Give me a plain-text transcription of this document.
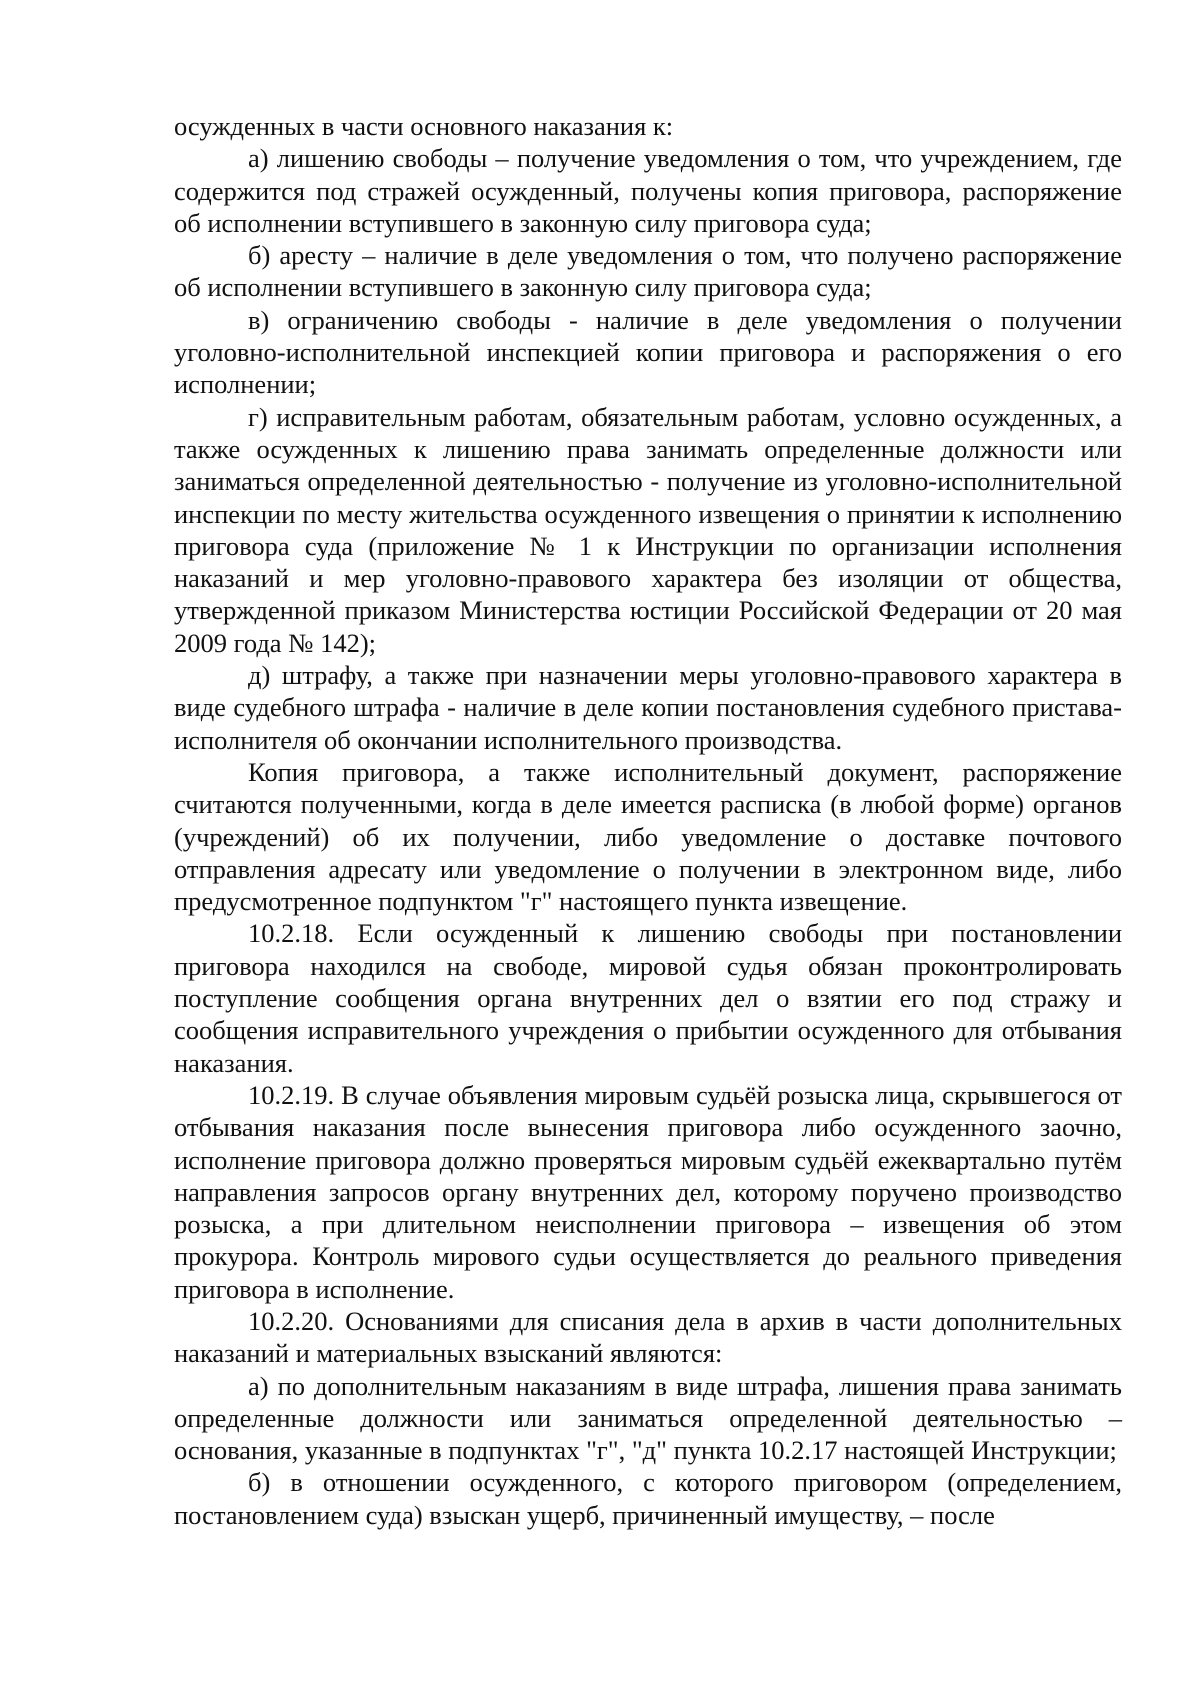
осужденных в части основного наказания к:

а) лишению свободы – получение уведомления о том, что учреждением, где содержится под стражей осужденный, получены копия приговора, распоряжение об исполнении вступившего в законную силу приговора суда;

б) аресту – наличие в деле уведомления о том, что получено распоряжение об исполнении вступившего в законную силу приговора суда;

в) ограничению свободы - наличие в деле уведомления о получении уголовно-исполнительной инспекцией копии приговора и распоряжения о его исполнении;

г) исправительным работам, обязательным работам, условно осужденных, а также осужденных к лишению права занимать определенные должности или заниматься определенной деятельностью - получение из уголовно-исполнительной инспекции по месту жительства осужденного извещения о принятии к исполнению приговора суда (приложение № 1 к Инструкции по организации исполнения наказаний и мер уголовно-правового характера без изоляции от общества, утвержденной приказом Министерства юстиции Российской Федерации от 20 мая 2009 года № 142);

д) штрафу, а также при назначении меры уголовно-правового характера в виде судебного штрафа - наличие в деле копии постановления судебного пристава-исполнителя об окончании исполнительного производства.

Копия приговора, а также исполнительный документ, распоряжение считаются полученными, когда в деле имеется расписка (в любой форме) органов (учреждений) об их получении, либо уведомление о доставке почтового отправления адресату или уведомление о получении в электронном виде, либо предусмотренное подпунктом "г" настоящего пункта извещение.

10.2.18. Если осужденный к лишению свободы при постановлении приговора находился на свободе, мировой судья обязан проконтролировать поступление сообщения органа внутренних дел о взятии его под стражу и сообщения исправительного учреждения о прибытии осужденного для отбывания наказания.

10.2.19. В случае объявления мировым судьёй розыска лица, скрывшегося от отбывания наказания после вынесения приговора либо осужденного заочно, исполнение приговора должно проверяться мировым судьёй ежеквартально путём направления запросов органу внутренних дел, которому поручено производство розыска, а при длительном неисполнении приговора – извещения об этом прокурора. Контроль мирового судьи осуществляется до реального приведения приговора в исполнение.

10.2.20. Основаниями для списания дела в архив в части дополнительных наказаний и материальных взысканий являются:

а) по дополнительным наказаниям в виде штрафа, лишения права занимать определенные должности или заниматься определенной деятельностью – основания, указанные в подпунктах "г", "д" пункта 10.2.17 настоящей Инструкции;

б) в отношении осужденного, с которого приговором (определением, постановлением суда) взыскан ущерб, причиненный имуществу, – после
